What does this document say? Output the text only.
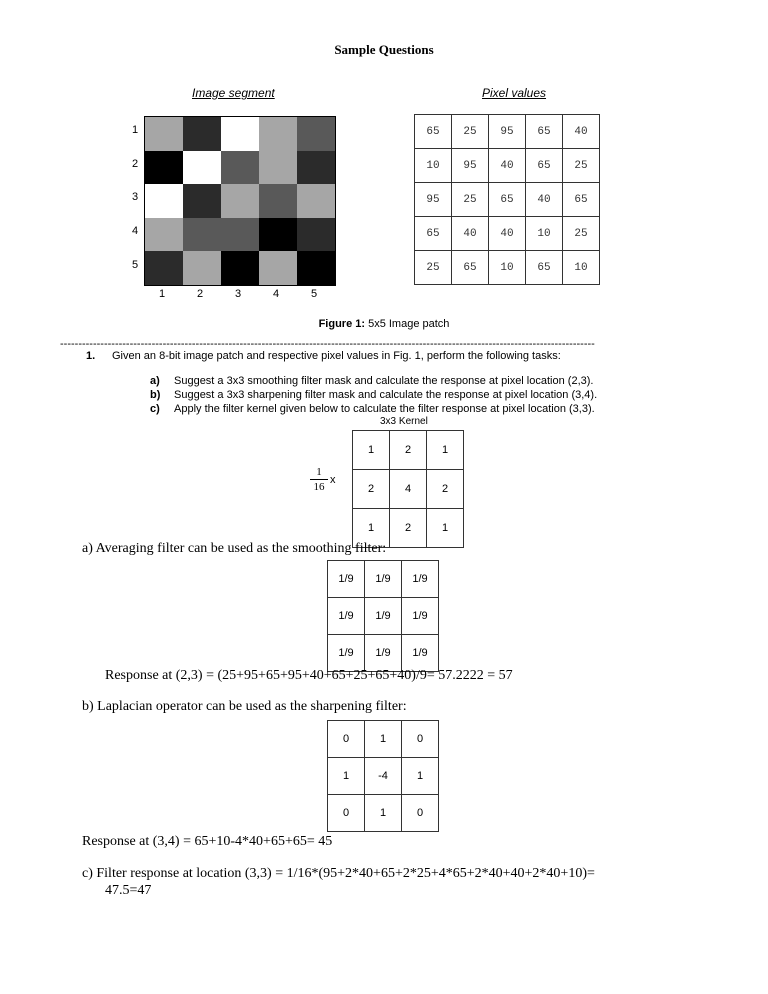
Sample Questions
Image segment	Pixel values
1
2
3
4
5
1	2	3	4	5
65	25	95	65	40
10	95	40	65	25
95	25	65	40	65
65	40	40	10	25
25	65	10	65	10
Figure 1: 5x5 Image patch
--------------------------------------------------------------------------------------------------------------------------------------------------
1. Given an 8-bit image patch and respective pixel values in Fig. 1, perform the following tasks:
a) Suggest a 3x3 smoothing filter mask and calculate the response at pixel location (2,3).
b) Suggest a 3x3 sharpening filter mask and calculate the response at pixel location (3,4).
c) Apply the filter kernel given below to calculate the filter response at pixel location (3,3).
3x3 Kernel
$\frac{1}{16}$ x
1	2	1
2	4	2
1	2	1
a) Averaging filter can be used as the smoothing filter:
1/9	1/9	1/9
1/9	1/9	1/9
1/9	1/9	1/9
Response at (2,3) = (25+95+65+95+40+65+25+65+40)/9= 57.2222 = 57
b) Laplacian operator can be used as the sharpening filter:
0	1	0
1	-4	1
0	1	0
Response at (3,4) = 65+10-4*40+65+65= 45
c) Filter response at location (3,3) = 1/16*(95+2*40+65+2*25+4*65+2*40+40+2*40+10)=
47.5=47
